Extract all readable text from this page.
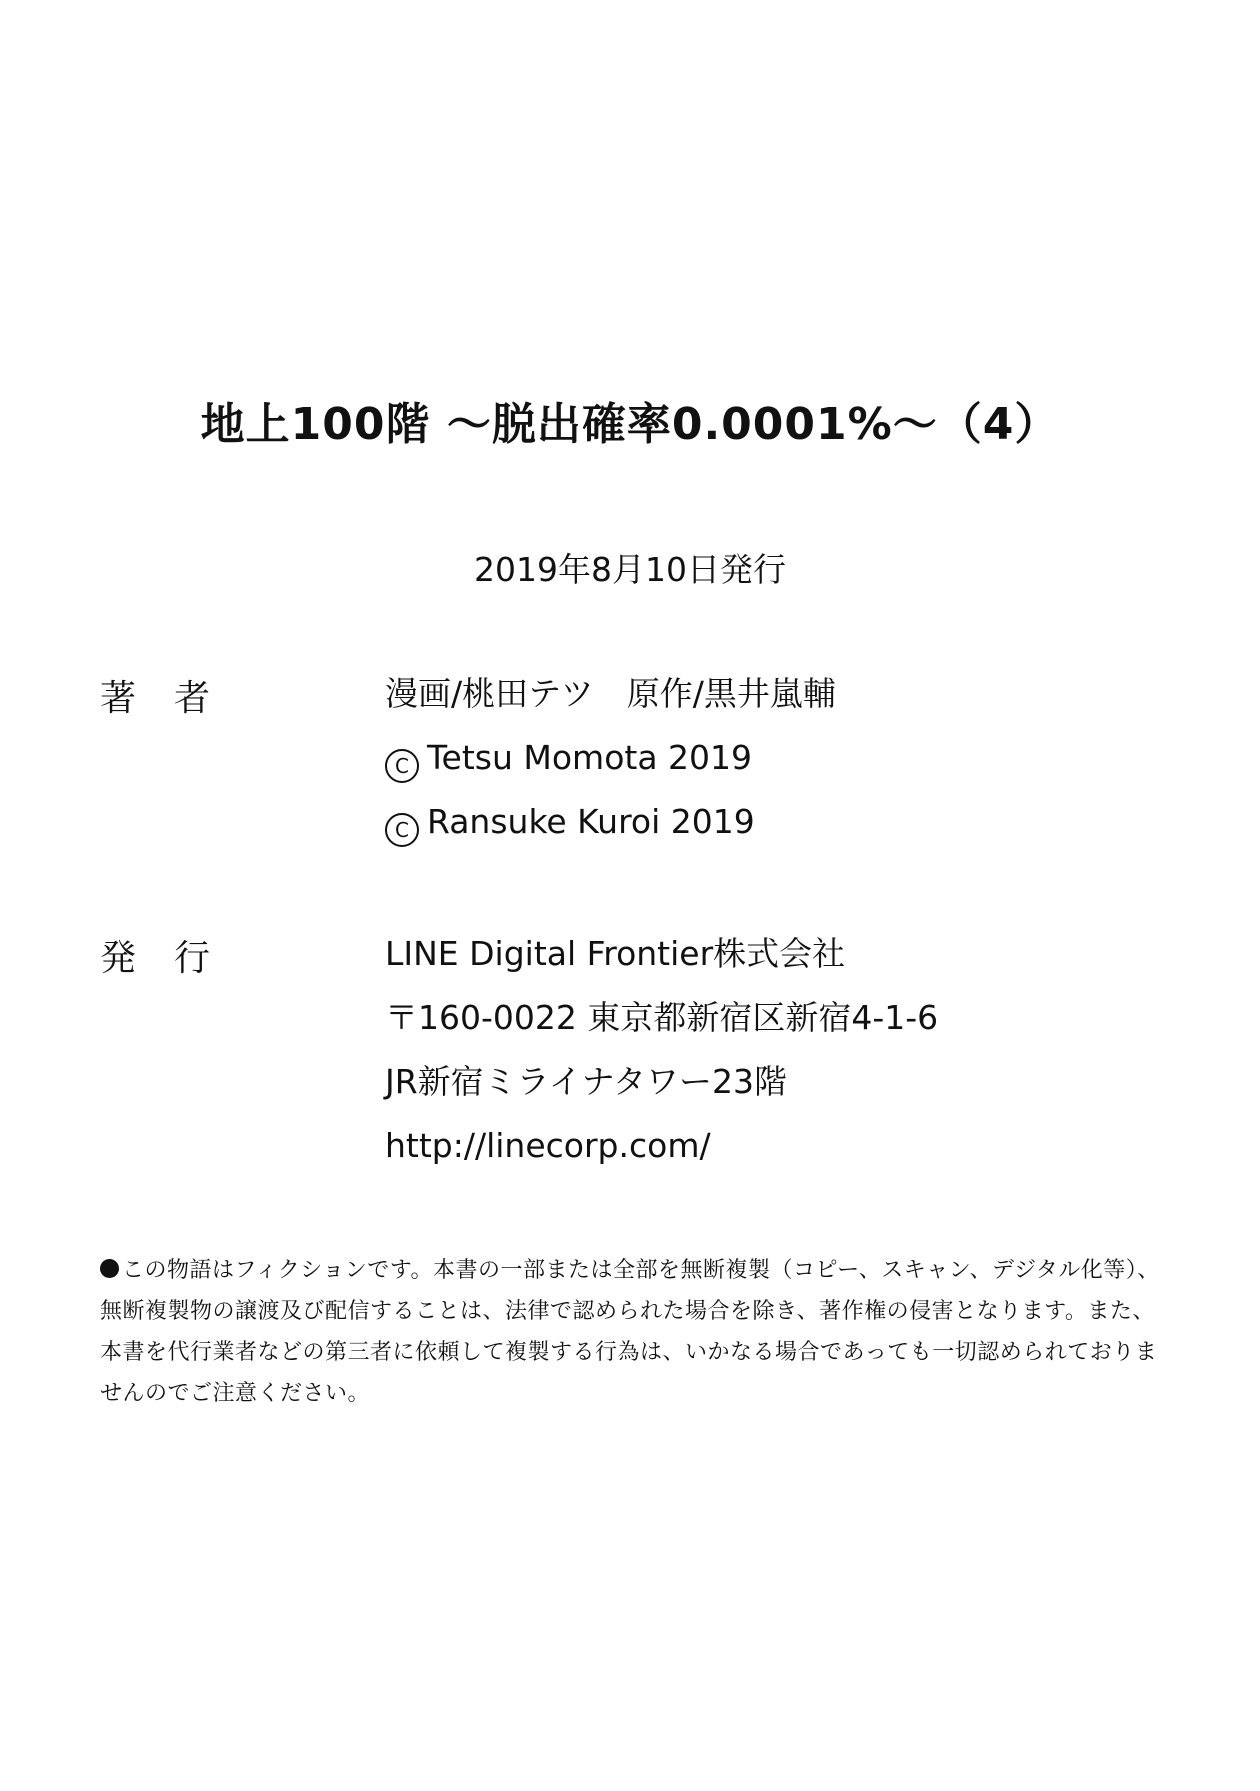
地上100階 〜脱出確率0.0001%〜（4）
2019年8月10日発行
著者	漫画/桃田テツ　原作/黒井嵐輔
C Tetsu Momota 2019
C Ransuke Kuroi 2019
発行	LINE Digital Frontier株式会社
〒160-0022 東京都新宿区新宿4-1-6
JR新宿ミライナタワー23階
http://linecorp.com/
この物語はフィクションです。本書の一部または全部を無断複製（コピー、スキャン、デジタル化等）、無断複製物の譲渡及び配信することは、法律で認められた場合を除き、著作権の侵害となります。また、本書を代行業者などの第三者に依頼して複製する行為は、いかなる場合であっても一切認められておりませんのでご注意ください。
